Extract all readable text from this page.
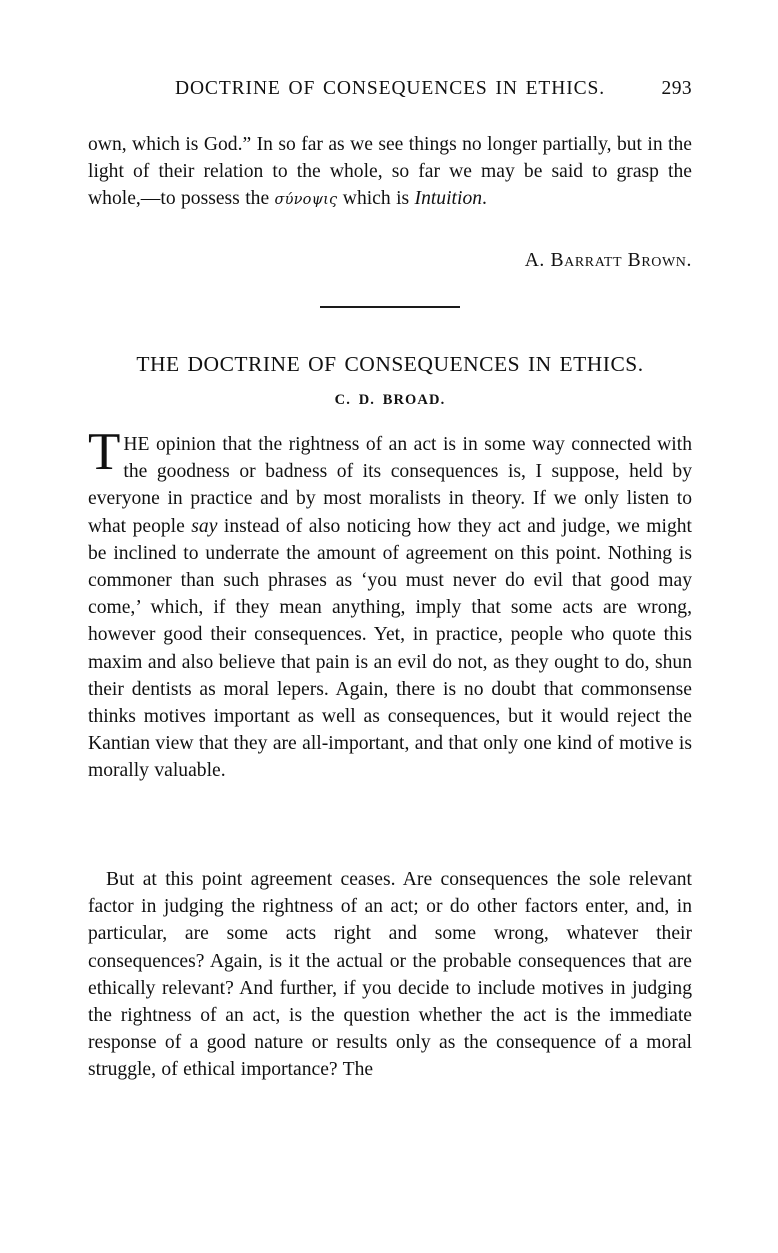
DOCTRINE OF CONSEQUENCES IN ETHICS.	293

own, which is God.” In so far as we see things no longer partially, but in the light of their relation to the whole, so far we may be said to grasp the whole,—to possess the σύνοψις which is Intuition.

A. Barratt Brown.
THE DOCTRINE OF CONSEQUENCES IN ETHICS.
C. D. BROAD.
T HE opinion that the rightness of an act is in some way connected with the goodness or badness of its consequences is, I suppose, held by everyone in practice and by most moralists in theory. If we only listen to what people say instead of also noticing how they act and judge, we might be inclined to underrate the amount of agreement on this point. Nothing is commoner than such phrases as ‘you must never do evil that good may come,’ which, if they mean anything, imply that some acts are wrong, however good their consequences. Yet, in practice, people who quote this maxim and also believe that pain is an evil do not, as they ought to do, shun their dentists as moral lepers. Again, there is no doubt that commonsense thinks motives important as well as consequences, but it would reject the Kantian view that they are all-important, and that only one kind of motive is morally valuable.

But at this point agreement ceases. Are consequences the sole relevant factor in judging the rightness of an act; or do other factors enter, and, in particular, are some acts right and some wrong, whatever their consequences? Again, is it the actual or the probable consequences that are ethically relevant? And further, if you decide to include motives in judging the rightness of an act, is the question whether the act is the immediate response of a good nature or results only as the consequence of a moral struggle, of ethical importance? The
